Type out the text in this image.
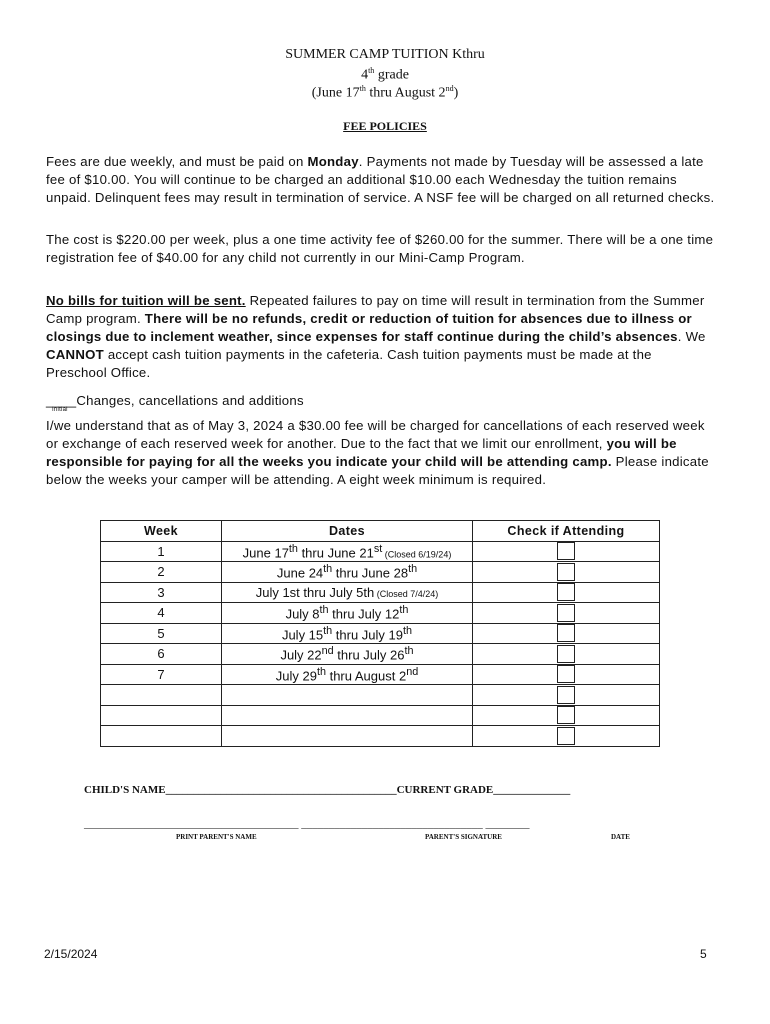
SUMMER CAMP TUITION Kthru
4th grade
(June 17th thru August 2nd)
FEE POLICIES
Fees are due weekly, and must be paid on Monday. Payments not made by Tuesday will be assessed a late fee of $10.00. You will continue to be charged an additional $10.00 each Wednesday the tuition remains unpaid. Delinquent fees may result in termination of service. A NSF fee will be charged on all returned checks.
The cost is $220.00 per week, plus a one time activity fee of $260.00 for the summer. There will be a one time registration fee of $40.00 for any child not currently in our Mini-Camp Program.
No bills for tuition will be sent. Repeated failures to pay on time will result in termination from the Summer Camp program. There will be no refunds, credit or reduction of tuition for absences due to illness or closings due to inclement weather, since expenses for staff continue during the child’s absences. We CANNOT accept cash tuition payments in the cafeteria. Cash tuition payments must be made at the Preschool Office.
____Changes, cancellations and additions
Initial
I/we understand that as of May 3, 2024 a $30.00 fee will be charged for cancellations of each reserved week or exchange of each reserved week for another. Due to the fact that we limit our enrollment, you will be responsible for paying for all the weeks you indicate your child will be attending camp. Please indicate below the weeks your camper will be attending. A eight week minimum is required.
Week	Dates	Check if Attending
1	June 17th thru June 21st (Closed 6/19/24)	
2	June 24th thru June 28th	
3	July 1st thru July 5th (Closed 7/4/24)	
4	July 8th thru July 12th	
5	July 15th thru July 19th	
6	July 22nd thru July 26th	
7	July 29th thru August 2nd	

CHILD'S NAME__________________________________________CURRENT GRADE______________
_______________________________________ _________________________________ ________
PRINT PARENT'S NAME	PARENT'S SIGNATURE	DATE
2/15/2024	5
